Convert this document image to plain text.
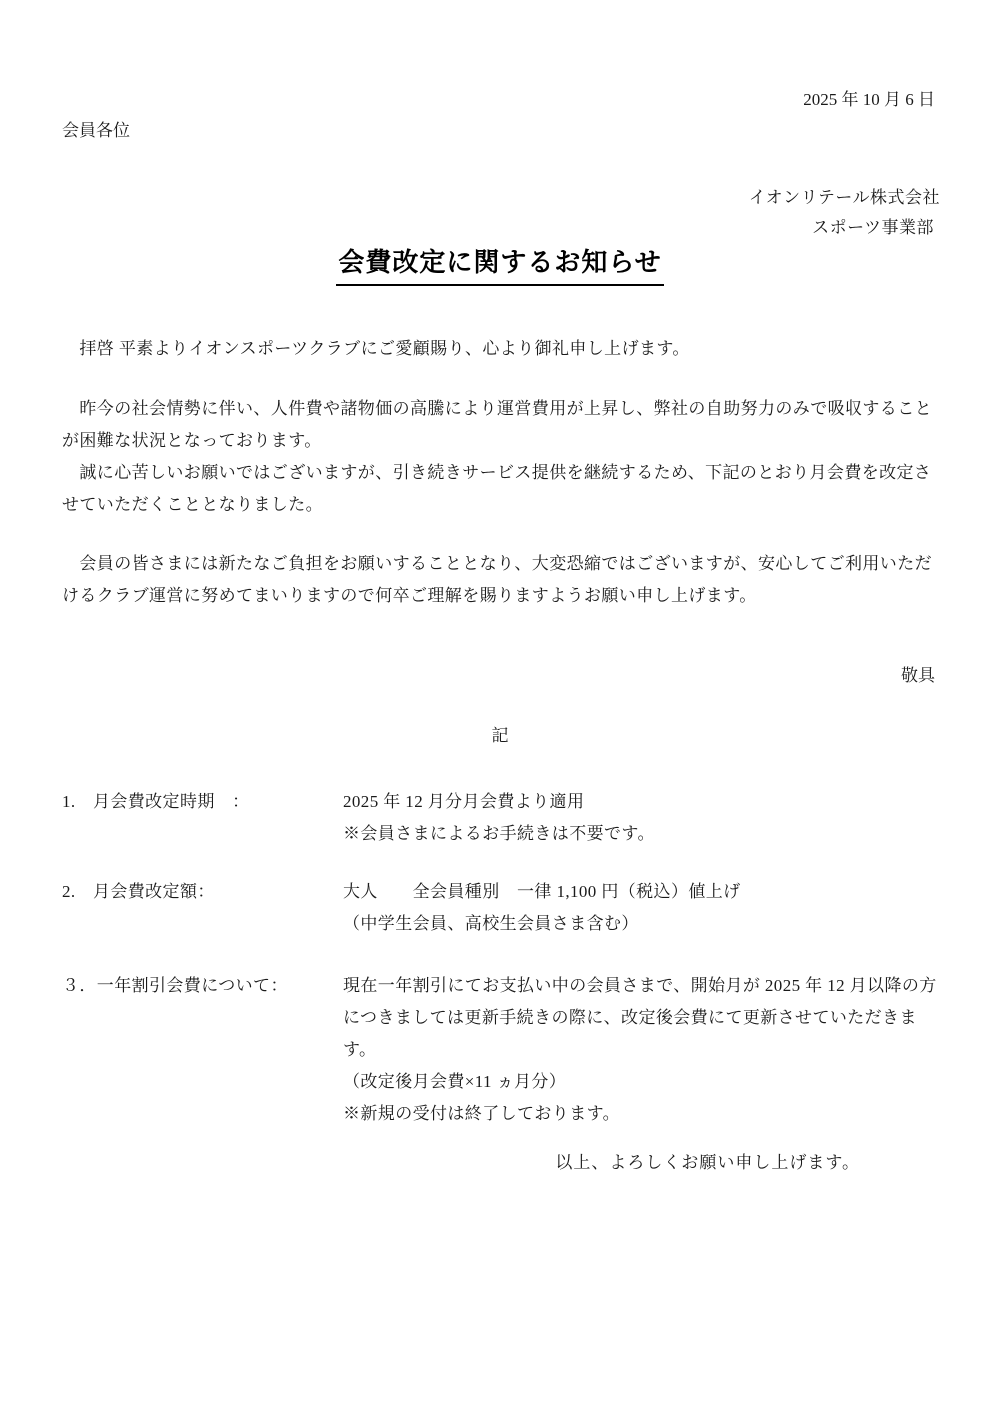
2025 年 10 月 6 日
会員各位
イオンリテール株式会社
スポーツ事業部
会費改定に関するお知らせ
　拝啓 平素よりイオンスポーツクラブにご愛顧賜り、心より御礼申し上げます。
　昨今の社会情勢に伴い、人件費や諸物価の高騰により運営費用が上昇し、弊社の自助努力のみで吸収すること
が困難な状況となっております。
　誠に心苦しいお願いではございますが、引き続きサービス提供を継続するため、下記のとおり月会費を改定さ
せていただくこととなりました。
　会員の皆さまには新たなご負担をお願いすることとなり、大変恐縮ではございますが、安心してご利用いただ
けるクラブ運営に努めてまいりますので何卒ご理解を賜りますようお願い申し上げます。
敬具
記
1.　月会費改定時期　：	2025 年 12 月分月会費より適用
※会員さまによるお手続きは不要です。
2.　月会費改定額：	大人　　全会員種別　一律 1,100 円（税込）値上げ
（中学生会員、高校生会員さま含む）
３．一年割引会費について：	現在一年割引にてお支払い中の会員さまで、開始月が 2025 年 12 月以降の方
につきましては更新手続きの際に、改定後会費にて更新させていただきます。
（改定後月会費×11 ヵ月分）
※新規の受付は終了しております。
以上、よろしくお願い申し上げます。
